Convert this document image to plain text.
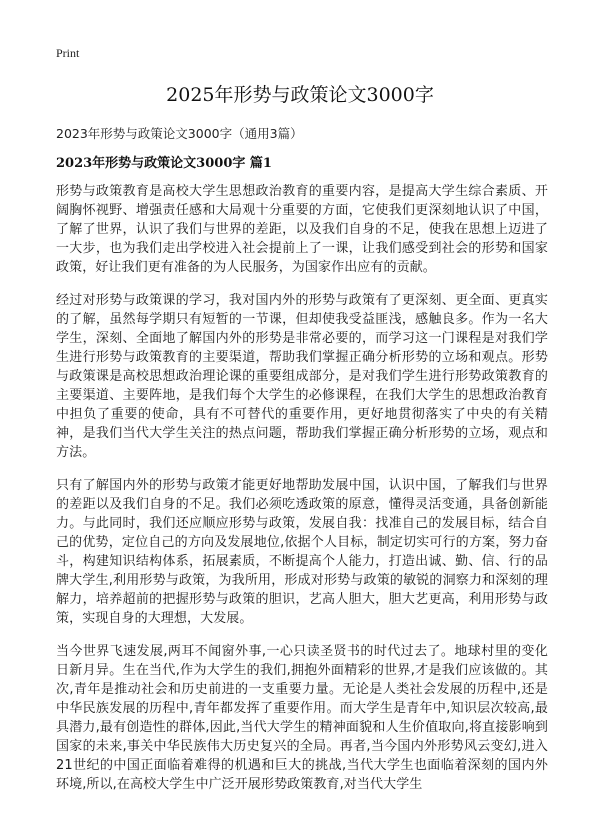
Print
2025年形势与政策论文3000字

2023年形势与政策论文3000字（通用3篇）

2023年形势与政策论文3000字 篇1

形势与政策教育是高校大学生思想政治教育的重要内容，是提高大学生综合素质、开阔胸怀视野、增强责任感和大局观十分重要的方面，它使我们更深刻地认识了中国，了解了世界，认识了我们与世界的差距，以及我们自身的不足，使我在思想上迈进了一大步，也为我们走出学校进入社会提前上了一课，让我们感受到社会的形势和国家政策，好让我们更有准备的为人民服务，为国家作出应有的贡献。

经过对形势与政策课的学习，我对国内外的形势与政策有了更深刻、更全面、更真实的了解，虽然每学期只有短暂的一节课，但却使我受益匪浅，感触良多。作为一名大学生，深刻、全面地了解国内外的形势是非常必要的，而学习这一门课程是对我们学生进行形势与政策教育的主要渠道，帮助我们掌握正确分析形势的立场和观点。形势与政策课是高校思想政治理论课的重要组成部分，是对我们学生进行形势政策教育的主要渠道、主要阵地，是我们每个大学生的必修课程，在我们大学生的思想政治教育中担负了重要的使命，具有不可替代的重要作用，更好地贯彻落实了中央的有关精神，是我们当代大学生关注的热点问题，帮助我们掌握正确分析形势的立场，观点和方法。

只有了解国内外的形势与政策才能更好地帮助发展中国，认识中国，了解我们与世界的差距以及我们自身的不足。我们必须吃透政策的原意，懂得灵活变通，具备创新能力。与此同时，我们还应顺应形势与政策，发展自我：找准自己的发展目标，结合自己的优势，定位自己的方向及发展地位,依据个人目标，制定切实可行的方案，努力奋斗，构建知识结构体系，拓展素质，不断提高个人能力，打造出诚、勤、信、行的品牌大学生,利用形势与政策，为我所用，形成对形势与政策的敏锐的洞察力和深刻的理解力，培养超前的把握形势与政策的胆识，艺高人胆大，胆大艺更高，利用形势与政策，实现自身的大理想，大发展。

当今世界飞速发展,两耳不闻窗外事,一心只读圣贤书的时代过去了。地球村里的变化日新月异。生在当代,作为大学生的我们,拥抱外面精彩的世界,才是我们应该做的。其次,青年是推动社会和历史前进的一支重要力量。无论是人类社会发展的历程中,还是中华民族发展的历程中,青年都发挥了重要作用。而大学生是青年中,知识层次较高,最具潜力,最有创造性的群体,因此,当代大学生的精神面貌和人生价值取向,将直接影响到国家的未来,事关中华民族伟大历史复兴的全局。再者,当今国内外形势风云变幻,进入21世纪的中国正面临着难得的机遇和巨大的挑战,当代大学生也面临着深刻的国内外环境,所以,在高校大学生中广泛开展形势政策教育,对当代大学生
